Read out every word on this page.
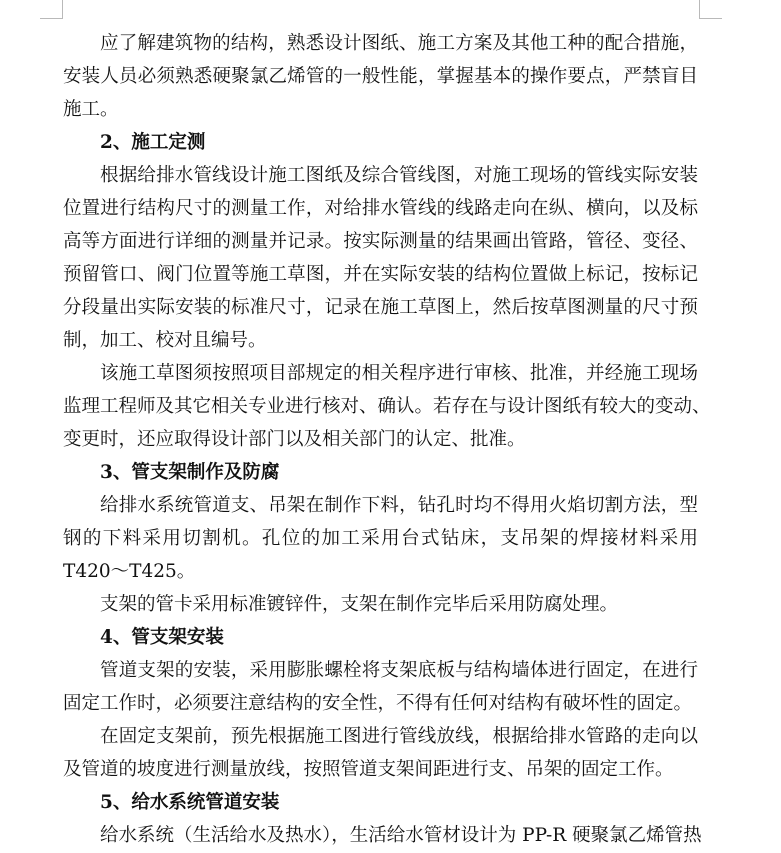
应了解建筑物的结构，熟悉设计图纸、施工方案及其他工种的配合措施，
安装人员必须熟悉硬聚氯乙烯管的一般性能，掌握基本的操作要点，严禁盲目
施工。
2、施工定测
根据给排水管线设计施工图纸及综合管线图，对施工现场的管线实际安装
位置进行结构尺寸的测量工作，对给排水管线的线路走向在纵、横向，以及标
高等方面进行详细的测量并记录。按实际测量的结果画出管路，管径、变径、
预留管口、阀门位置等施工草图，并在实际安装的结构位置做上标记，按标记
分段量出实际安装的标准尺寸，记录在施工草图上，然后按草图测量的尺寸预
制，加工、校对且编号。
该施工草图须按照项目部规定的相关程序进行审核、批准，并经施工现场
监理工程师及其它相关专业进行核对、确认。若存在与设计图纸有较大的变动、
变更时，还应取得设计部门以及相关部门的认定、批准。
3、管支架制作及防腐
给排水系统管道支、吊架在制作下料，钻孔时均不得用火焰切割方法，型
钢的下料采用切割机。孔位的加工采用台式钻床，支吊架的焊接材料采用
T420～T425。
支架的管卡采用标准镀锌件，支架在制作完毕后采用防腐处理。
4、管支架安装
管道支架的安装，采用膨胀螺栓将支架底板与结构墙体进行固定，在进行
固定工作时，必须要注意结构的安全性，不得有任何对结构有破坏性的固定。
在固定支架前，预先根据施工图进行管线放线，根据给排水管路的走向以
及管道的坡度进行测量放线，按照管道支架间距进行支、吊架的固定工作。
5、给水系统管道安装
给水系统（生活给水及热水），生活给水管材设计为 PP-R 硬聚氯乙烯管热
